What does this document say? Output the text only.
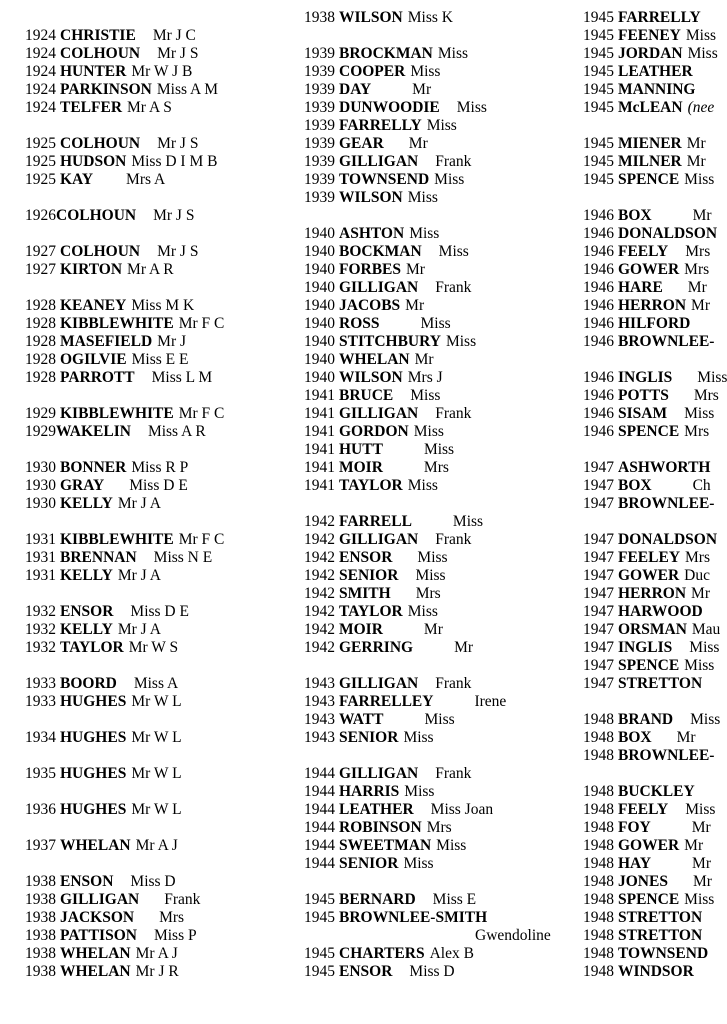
1924 CHRISTIE Mr J C
1924 COLHOUN Mr J S
1924 HUNTER Mr W J B
1924 PARKINSON Miss A M
1924 TELFER Mr A S
1925 COLHOUN Mr J S
1925 HUDSON Miss D I M B
1925 KAY Mrs A
1926COLHOUN Mr J S
1927 COLHOUN Mr J S
1927 KIRTON Mr A R
1928 KEANEY Miss M K
1928 KIBBLEWHITE Mr F C
1928 MASEFIELD Mr J
1928 OGILVIE Miss E E
1928 PARROTT Miss L M
1929 KIBBLEWHITE Mr F C
1929WAKELIN Miss A R
1930 BONNER Miss R P
1930 GRAY Miss D E
1930 KELLY Mr J A
1931 KIBBLEWHITE Mr F C
1931 BRENNAN Miss N E
1931 KELLY Mr J A
1932 ENSOR Miss D E
1932 KELLY Mr J A
1932 TAYLOR Mr W S
1933 BOORD Miss A
1933 HUGHES Mr W L
1934 HUGHES Mr W L
1935 HUGHES Mr W L
1936 HUGHES Mr W L
1937 WHELAN Mr A J
1938 ENSON Miss D
1938 GILLIGAN Frank
1938 JACKSON Mrs
1938 PATTISON Miss P
1938 WHELAN Mr A J
1938 WHELAN Mr J R
1938 WILSON Miss K
1939 BROCKMAN Miss
1939 COOPER Miss
1939 DAY	Mr
1939 DUNWOODIE Miss
1939 FARRELLY Miss
1939 GEAR Mr
1939 GILLIGAN Frank
1939 TOWNSEND Miss
1939 WILSON Miss
1940 ASHTON Miss
1940 BOCKMAN Miss
1940 FORBES Mr
1940 GILLIGAN Frank
1940 JACOBS Mr
1940 ROSS	Miss
1940 STITCHBURY Miss
1940 WHELAN Mr
1940 WILSON Mrs J
1941 BRUCE Miss
1941 GILLIGAN Frank
1941 GORDON Miss
1941 HUTT	Miss
1941 MOIR	Mrs
1941 TAYLOR Miss
1942 FARRELL	Miss
1942 GILLIGAN Frank
1942 ENSOR Miss
1942 SENIOR Miss
1942 SMITH Mrs
1942 TAYLOR Miss
1942 MOIR	Mr
1942 GERRING	Mr
1943 GILLIGAN Frank
1943 FARRELLEY	Irene
1943 WATT	Miss
1943 SENIOR Miss
1944 GILLIGAN Frank
1944 HARRIS Miss
1944 LEATHER Miss Joan
1944 ROBINSON Mrs
1944 SWEETMAN Miss
1944 SENIOR Miss
1945 BERNARD Miss E
1945 BROWNLEE-SMITH
Gwendoline
1945 CHARTERS Alex B
1945 ENSOR Miss D
1945 FARRELLY
1945 FEENEY Miss
1945 JORDAN Miss
1945 LEATHER
1945 MANNING
1945 McLEAN (nee
1945 MIENER Mr
1945 MILNER Mr
1945 SPENCE Miss
1946 BOX	Mr
1946 DONALDSON
1946 FEELY Mrs
1946 GOWER Mrs
1946 HARE Mr
1946 HERRON Mr
1946 HILFORD
1946 BROWNLEE-
1946 INGLIS Miss
1946 POTTS Mrs
1946 SISAM Miss
1946 SPENCE Mrs
1947 ASHWORTH
1947 BOX	Ch
1947 BROWNLEE-
1947 DONALDSON
1947 FEELEY Mrs
1947 GOWER Duc
1947 HERRON Mr
1947 HARWOOD
1947 ORSMAN Mau
1947 INGLIS Miss
1947 SPENCE Miss
1947 STRETTON
1948 BRAND Miss
1948 BOX Mr
1948 BROWNLEE-
1948 BUCKLEY
1948 FEELY Miss
1948 FOY	Mr
1948 GOWER Mr
1948 HAY	Mr
1948 JONES Mr
1948 SPENCE Miss
1948 STRETTON
1948 STRETTON
1948 TOWNSEND
1948 WINDSOR
